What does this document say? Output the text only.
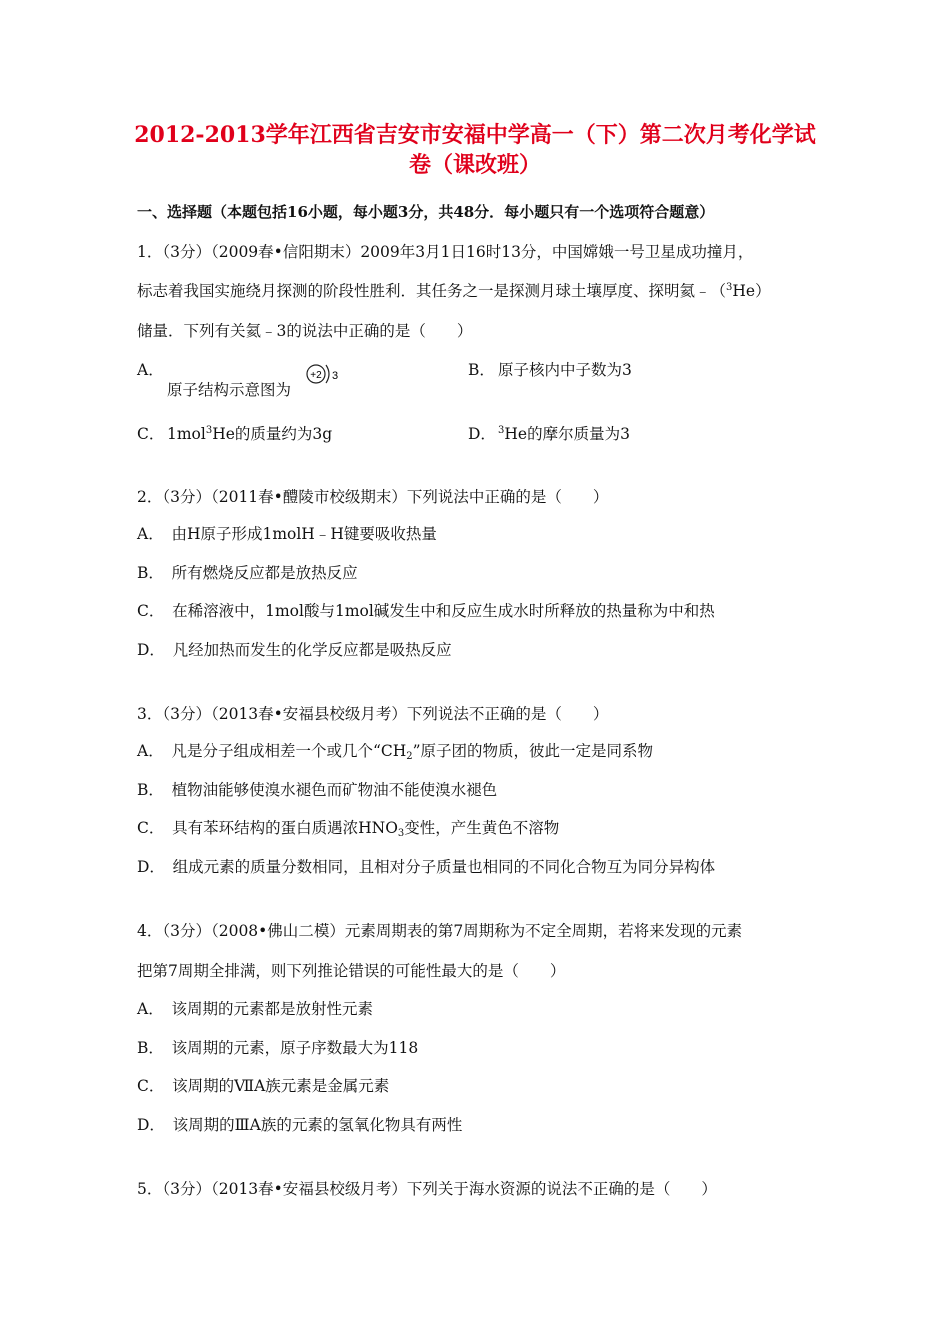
2012-2013学年江西省吉安市安福中学高一（下）第二次月考化学试
卷（课改班）
一、选择题（本题包括16小题，每小题3分，共48分．每小题只有一个选项符合题意）
1．（3分）（2009春•信阳期末）2009年3月1日16时13分，中国嫦娥一号卫星成功撞月，
标志着我国实施绕月探测的阶段性胜利．其任务之一是探测月球土壤厚度、探明氦﹣（$^3$He）
储量．下列有关氦﹣3的说法中正确的是（　　）
A．
原子结构示意图为
+2 3	B． 原子核内中子数为3
C． 1mol$^3$He的质量约为3g	D． $^3$He的摩尔质量为3
2．（3分）（2011春•醴陵市校级期末）下列说法中正确的是（　　）
A．　由H原子形成1molH﹣H键要吸收热量
B．　所有燃烧反应都是放热反应
C．　在稀溶液中，1mol酸与1mol碱发生中和反应生成水时所释放的热量称为中和热
D．　凡经加热而发生的化学反应都是吸热反应
3．（3分）（2013春•安福县校级月考）下列说法不正确的是（　　）
A．　凡是分子组成相差一个或几个“$CH_2$”原子团的物质，彼此一定是同系物
B．　植物油能够使溴水褪色而矿物油不能使溴水褪色
C．　具有苯环结构的蛋白质遇浓$HNO_3$变性，产生黄色不溶物
D．　组成元素的质量分数相同，且相对分子质量也相同的不同化合物互为同分异构体
4．（3分）（2008•佛山二模）元素周期表的第7周期称为不定全周期，若将来发现的元素
把第7周期全排满，则下列推论错误的可能性最大的是（　　）
A．　该周期的元素都是放射性元素
B．　该周期的元素，原子序数最大为118
C．　该周期的ⅦA族元素是金属元素
D．　该周期的ⅢA族的元素的氢氧化物具有两性
5．（3分）（2013春•安福县校级月考）下列关于海水资源的说法不正确的是（　　）
